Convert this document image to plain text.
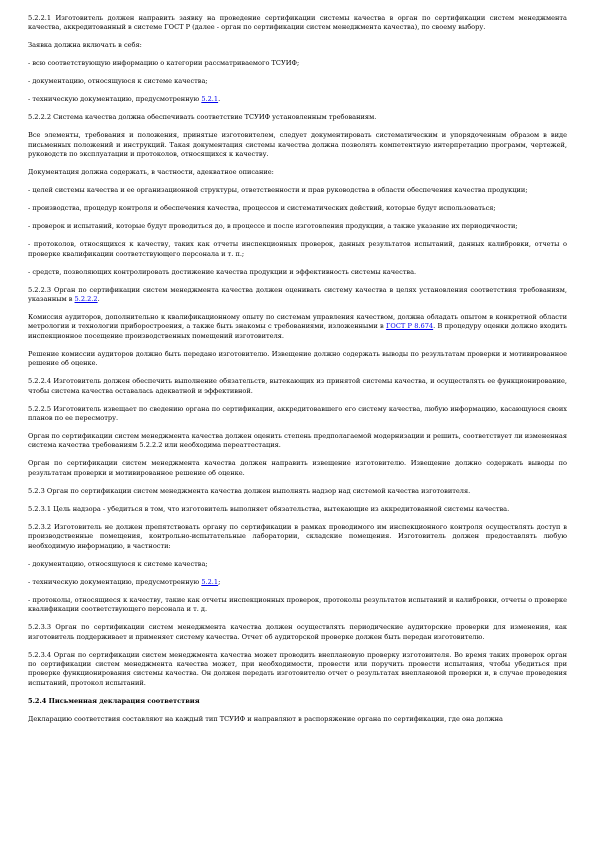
5.2.2.1 Изготовитель должен направить заявку на проведение сертификации системы качества в орган по сертификации систем менеджмента качества, аккредитованный в системе ГОСТ Р (далее - орган по сертификации систем менеджмента качества), по своему выбору.

Заявка должна включать в себя:

- всю соответствующую информацию о категории рассматриваемого ТСУИФ;

- документацию, относящуюся к системе качества;

- техническую документацию, предусмотренную 5.2.1.

5.2.2.2 Система качества должна обеспечивать соответствие ТСУИФ установленным требованиям.

Все элементы, требования и положения, принятые изготовителем, следует документировать систематическим и упорядоченным образом в виде письменных положений и инструкций. Такая документация системы качества должна позволять компетентную интерпретацию программ, чертежей, руководств по эксплуатации и протоколов, относящихся к качеству.

Документация должна содержать, в частности, адекватное описание:

- целей системы качества и ее организационной структуры, ответственности и прав руководства в области обеспечения качества продукции;

- производства, процедур контроля и обеспечения качества, процессов и систематических действий, которые будут использоваться;

- проверок и испытаний, которые будут проводиться до, в процессе и после изготовления продукции, а также указание их периодичности;

- протоколов, относящихся к качеству, таких как отчеты инспекционных проверок, данных результатов испытаний, данных калибровки, отчеты о проверке квалификации соответствующего персонала и т. п.;

- средств, позволяющих контролировать достижение качества продукции и эффективность системы качества.

5.2.2.3 Орган по сертификации систем менеджмента качества должен оценивать систему качества в целях установления соответствия требованиям, указанным в 5.2.2.2.

Комиссия аудиторов, дополнительно к квалификационному опыту по системам управления качеством, должна обладать опытом в конкретной области метрологии и технологии приборостроения, а также быть знакомы с требованиями, изложенными в ГОСТ Р 8.674. В процедуру оценки должно входить инспекционное посещение производственных помещений изготовителя.

Решение комиссии аудиторов должно быть передано изготовителю. Извещение должно содержать выводы по результатам проверки и мотивированное решение об оценке.

5.2.2.4 Изготовитель должен обеспечить выполнение обязательств, вытекающих из принятой системы качества, и осуществлять ее функционирование, чтобы система качества оставалась адекватной и эффективной.

5.2.2.5 Изготовитель извещает по сведению органа по сертификации, аккредитовавшего его систему качества, любую информацию, касающуюся своих планов по ее пересмотру.

Орган по сертификации систем менеджмента качества должен оценить степень предполагаемой модернизации и решить, соответствует ли измененная система качества требованиям 5.2.2.2 или необходима переаттестация.

Орган по сертификации систем менеджмента качества должен направить извещение изготовителю. Извещение должно содержать выводы по результатам проверки и мотивированное решение об оценке.

5.2.3 Орган по сертификации систем менеджмента качества должен выполнять надзор над системой качества изготовителя.

5.2.3.1 Цель надзора - убедиться в том, что изготовитель выполняет обязательства, вытекающие из аккредитованной системы качества.

5.2.3.2 Изготовитель не должен препятствовать органу по сертификации в рамках проводимого им инспекционного контроля осуществлять доступ в производственные помещения, контрольно-испытательные лаборатории, складские помещения. Изготовитель должен предоставлять любую необходимую информацию, в частности:

- документацию, относящуюся к системе качества;

- техническую документацию, предусмотренную 5.2.1;

- протоколы, относящиеся к качеству, такие как отчеты инспекционных проверок, протоколы результатов испытаний и калибровки, отчеты о проверке квалификации соответствующего персонала и т. д.

5.2.3.3 Орган по сертификации систем менеджмента качества должен осуществлять периодические аудиторские проверки для изменения, как изготовитель поддерживает и применяет систему качества. Отчет об аудиторской проверке должен быть передан изготовителю.

5.2.3.4 Орган по сертификации систем менеджмента качества может проводить внеплановую проверку изготовителя. Во время таких проверок орган по сертификации систем менеджмента качества может, при необходимости, провести или поручить провести испытания, чтобы убедиться при проверке функционирования системы качества. Он должен передать изготовителю отчет о результатах внеплановой проверки и, в случае проведения испытаний, протокол испытаний.

5.2.4 Письменная декларация соответствия

Декларацию соответствия составляют на каждый тип ТСУИФ и направляют в распоряжение органа по сертификации, где она должна
